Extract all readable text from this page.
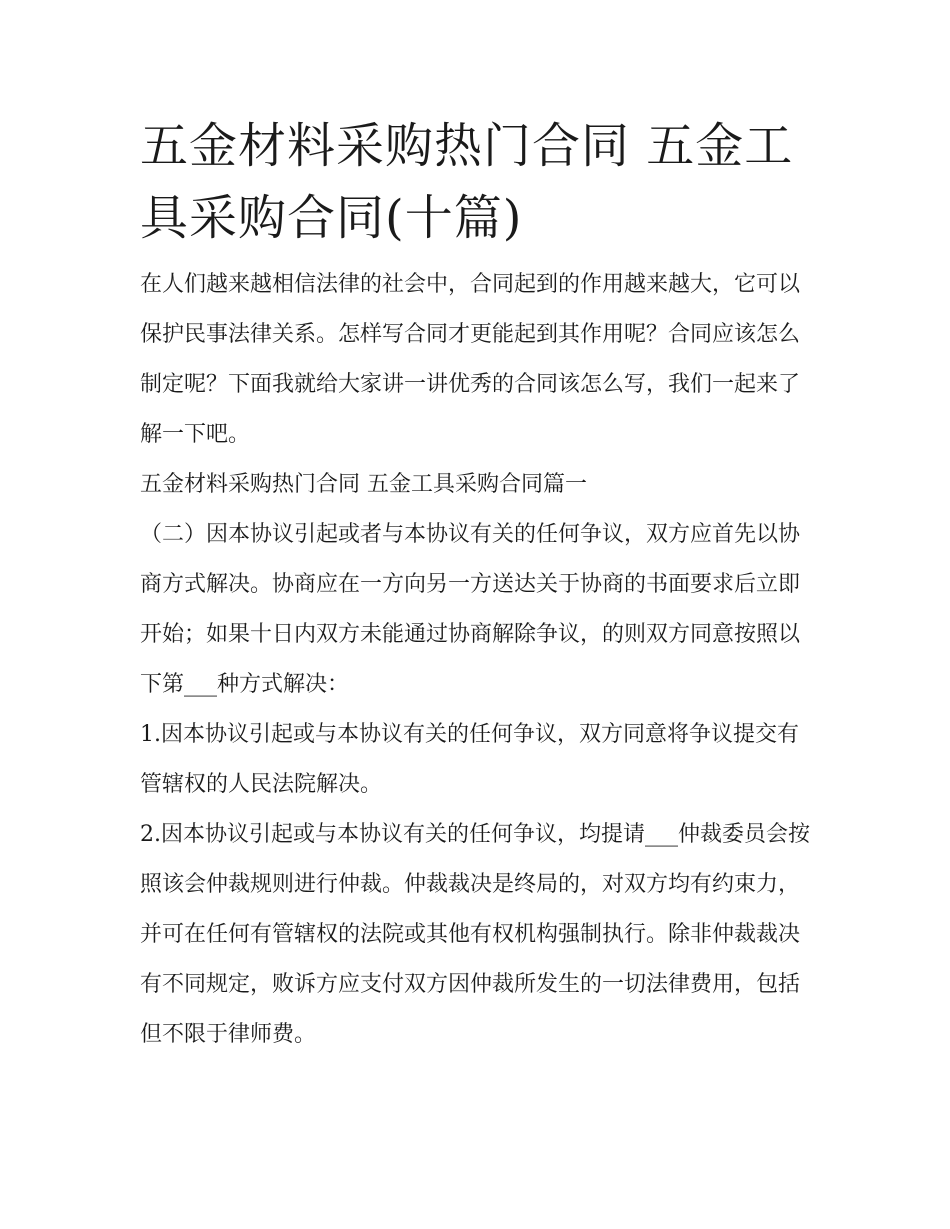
五金材料采购热门合同 五金工具采购合同(十篇)

在人们越来越相信法律的社会中，合同起到的作用越来越大，它可以保护民事法律关系。怎样写合同才更能起到其作用呢？合同应该怎么制定呢？下面我就给大家讲一讲优秀的合同该怎么写，我们一起来了解一下吧。

五金材料采购热门合同 五金工具采购合同篇一

（二）因本协议引起或者与本协议有关的任何争议，双方应首先以协商方式解决。协商应在一方向另一方送达关于协商的书面要求后立即开始；如果十日内双方未能通过协商解除争议，的则双方同意按照以下第___种方式解决：

1.因本协议引起或与本协议有关的任何争议，双方同意将争议提交有管辖权的人民法院解决。

2.因本协议引起或与本协议有关的任何争议，均提请___仲裁委员会按照该会仲裁规则进行仲裁。仲裁裁决是终局的，对双方均有约束力，并可在任何有管辖权的法院或其他有权机构强制执行。除非仲裁裁决有不同规定，败诉方应支付双方因仲裁所发生的一切法律费用，包括但不限于律师费。
